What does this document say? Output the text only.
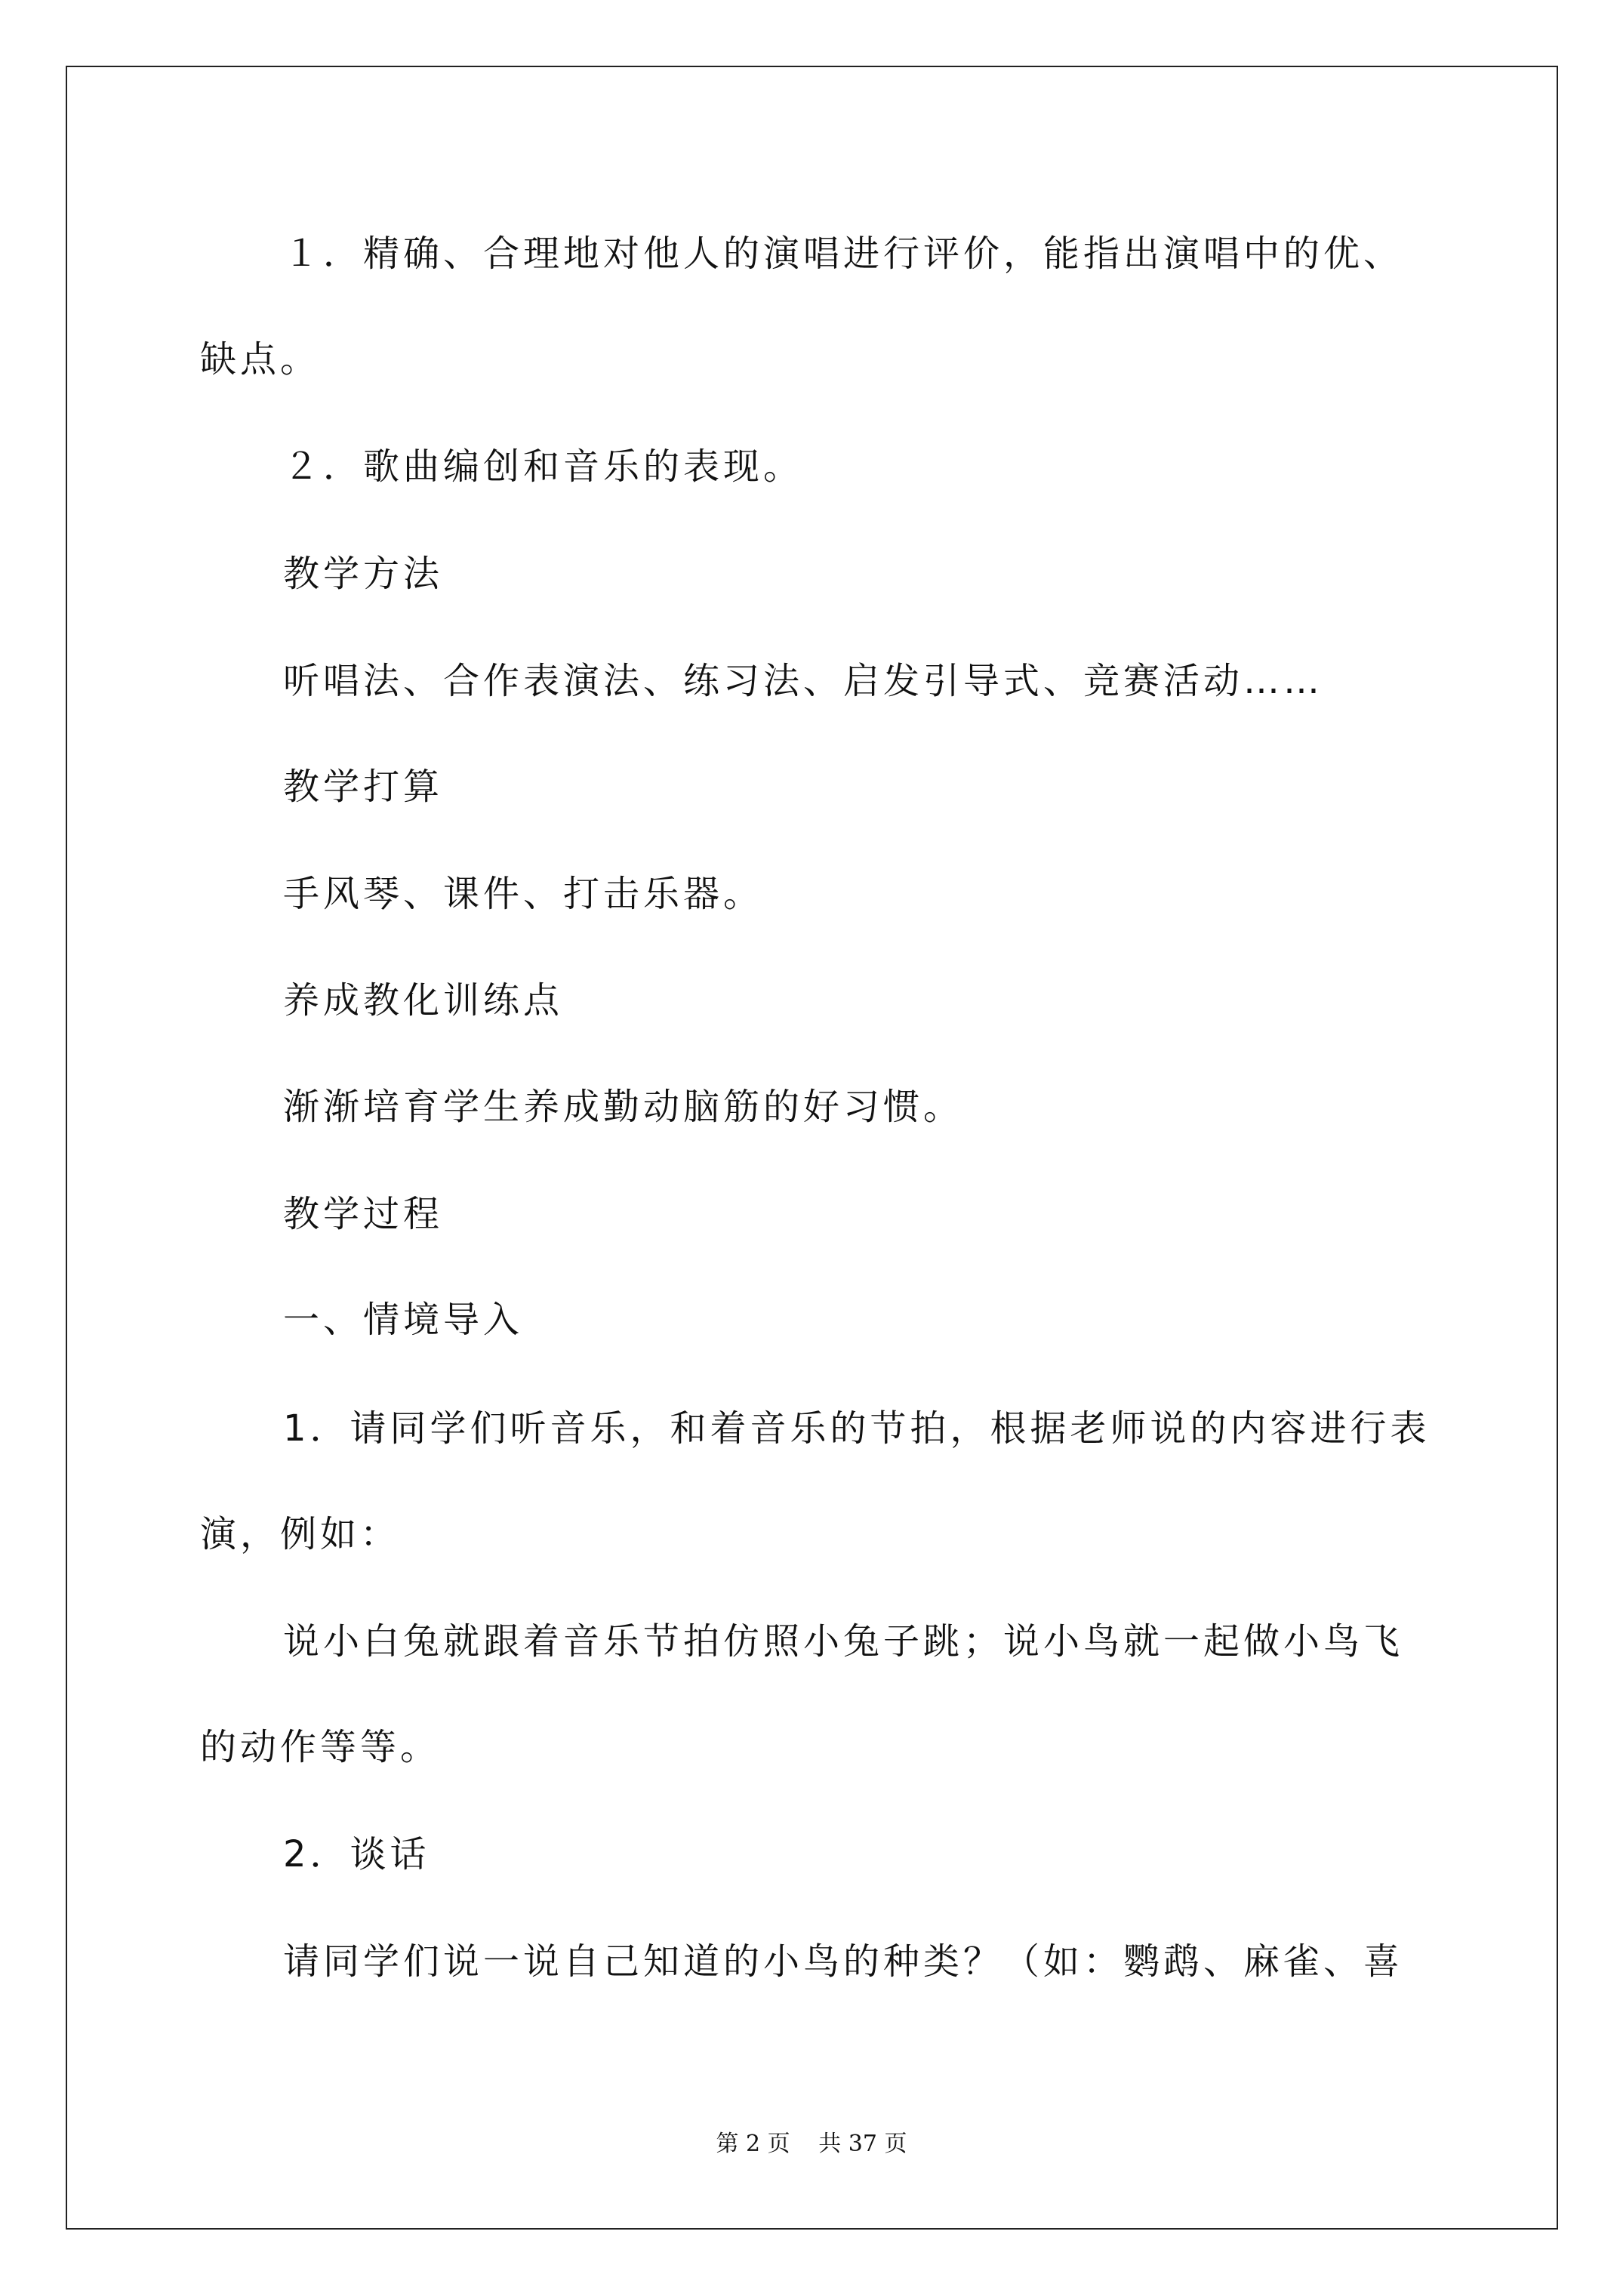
１．精确、合理地对他人的演唱进行评价，能指出演唱中的优、
缺点。
２．歌曲编创和音乐的表现。
教学方法
听唱法、合作表演法、练习法、启发引导式、竞赛活动……
教学打算
手风琴、课件、打击乐器。
养成教化训练点
渐渐培育学生养成勤动脑筋的好习惯。
教学过程
一、情境导入
1．请同学们听音乐，和着音乐的节拍，根据老师说的内容进行表
演，例如：
说小白兔就跟着音乐节拍仿照小兔子跳；说小鸟就一起做小鸟飞
的动作等等。
2．谈话
请同学们说一说自己知道的小鸟的种类？（如：鹦鹉、麻雀、喜
第 2 页 共 37 页
